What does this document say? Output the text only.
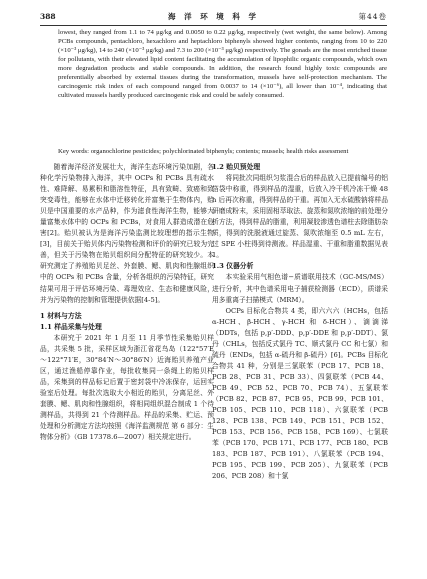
388	海 洋 环 境 科 学	第44卷

lowest, they ranged from 1.1 to 74 μg/kg and 0.0050 to 0.22 μg/kg, respectively (wet weight, the same below). Among PCBs compounds, pentachloro, hexachloro and heptachloro biphenyls showed higher contents, ranging from 10 to 220 (×10⁻³ μg/kg), 14 to 240 (×10⁻³ μg/kg) and 7.3 to 200 (×10⁻³ μg/kg) respectively. The gonads are the most enriched tissue for pollutants, with their elevated lipid content facilitating the accumulation of lipophilic organic compounds, which own more degradation products and stable compounds. In addition, the research found highly toxic compounds are preferentially absorbed by external tissues during the transformation, mussels have self-protection mechanism. The carcinogenic risk index of each compound ranged from 0.0037 to 14 (×10⁻⁶), all lower than 10⁻⁴, indicating that cultivated mussels hardly produced carcinogenic risk and could be safely consumed.

Key words: organochlorine pesticides; polychlorinated biphenyls; contents; mussels; health risks assessment

随着海洋经济发展壮大，海洋生态环境污染加剧，各种化学污染物排入海洋，其中 OCPs 和 PCBs 具有疏水性、难降解、易累积和脂溶性特征，具有致畸、致癌和致突变毒性，能够在水体中迁移转化并富集于生物体内，贻贝是中国重要的水产品种，作为滤食性海洋生物，能够大量富集水体中的 OCPs 和 PCBs，对食用人群造成潜在危害[2]。贻贝被认为是海洋污染监测比较理想的指示生物[3]，目前关于贻贝体内污染物检测和评价的研究已较为完善，但关于污染物在贻贝组织间分配特征的研究较少。本研究测定了养殖贻贝足丝、外套膜、鳃、肌肉和性腺组织中的 OCPs 和 PCBs 含量，分析各组织的污染特征，研究结果可用于评估环境污染、毒理效应、生态和健康风险，并为污染物的控制和管理提供依据[4-5]。

1 材料与方法

1.1 样品采集与处理

本研究于 2021 年 1 月至 11 月季节性采集贻贝样品，共采集 5 批，采样区域为浙江省花鸟岛（122°57′E～122°71′E，30°84′N～30°86′N）近海贻贝养殖产业区，通过渔船停靠作业，每批收集同一条绳上的贻贝样品，采集到的样品标记后置于密封袋中冷冻保存，运回实验室后处理。每批次选取大小相近的贻贝，分离足丝、外套膜、鳃、肌肉和性腺组织，将相同组织混合制成 1 个待测样品，共得到 21 个待测样品。样品的采集、贮运、预处理和分析测定方法均按照《海洋监测规范 第 6 部分：生物体分析》（GB 17378.6—2007）相关规定进行。

1.2 贻贝预处理

将同批次同组织匀浆混合后的样品放入已提前编号的铝箔袋中称重，得到样品的湿重，后放入冷干机冷冻干燥 48 h 后再次称重，得到样品的干重。再加入无水硫酸钠将样品研磨成粉末，采用固相萃取法、旋蒸和氮吹浓缩的前处理分析方法，得到样品的脂重，利用凝胶渗透色谱柱去除脂肪杂质，得到的洗脱液通过旋蒸、氮吹浓缩至 0.5 mL 左右，过 SPE 小柱得到待测液。样品湿重、干重和脂重数据见表 1。

1.3 仪器分析

本实验采用气相色谱−质谱联用技术（GC-MS/MS）进行分析，其中色谱采用电子捕获检测器（ECD），质谱采用多重离子扫描模式（MRM）。

OCPs 目标化合物共 4 类，即六六六（HCHs，包括 α-HCH、β-HCH、γ-HCH 和 δ-HCH）、滴滴涕（DDTs，包括 p,p′-DDD、p,p′-DDE 和 p,p′-DDT）、氯丹（CHLs，包括反式氯丹 TC、顺式氯丹 CC 和七氯）和硫丹（ENDs，包括 α-硫丹和 β-硫丹）[6]。PCBs 目标化合物共 41 种，分别是三氯联苯（PCB 17、PCB 18、PCB 28、PCB 31、PCB 33）、四氯联苯（PCB 44、PCB 49、PCB 52、PCB 70、PCB 74）、五氯联苯（PCB 82、PCB 87、PCB 95、PCB 99、PCB 101、PCB 105、PCB 110、PCB 118）、六氯联苯（PCB 128、PCB 138、PCB 149、PCB 151、PCB 152、PCB 153、PCB 156、PCB 158、PCB 169）、七氯联苯（PCB 170、PCB 171、PCB 177、PCB 180、PCB 183、PCB 187、PCB 191）、八氯联苯（PCB 194、PCB 195、PCB 199、PCB 205）、九氯联苯（PCB 206、PCB 208）和十氯
